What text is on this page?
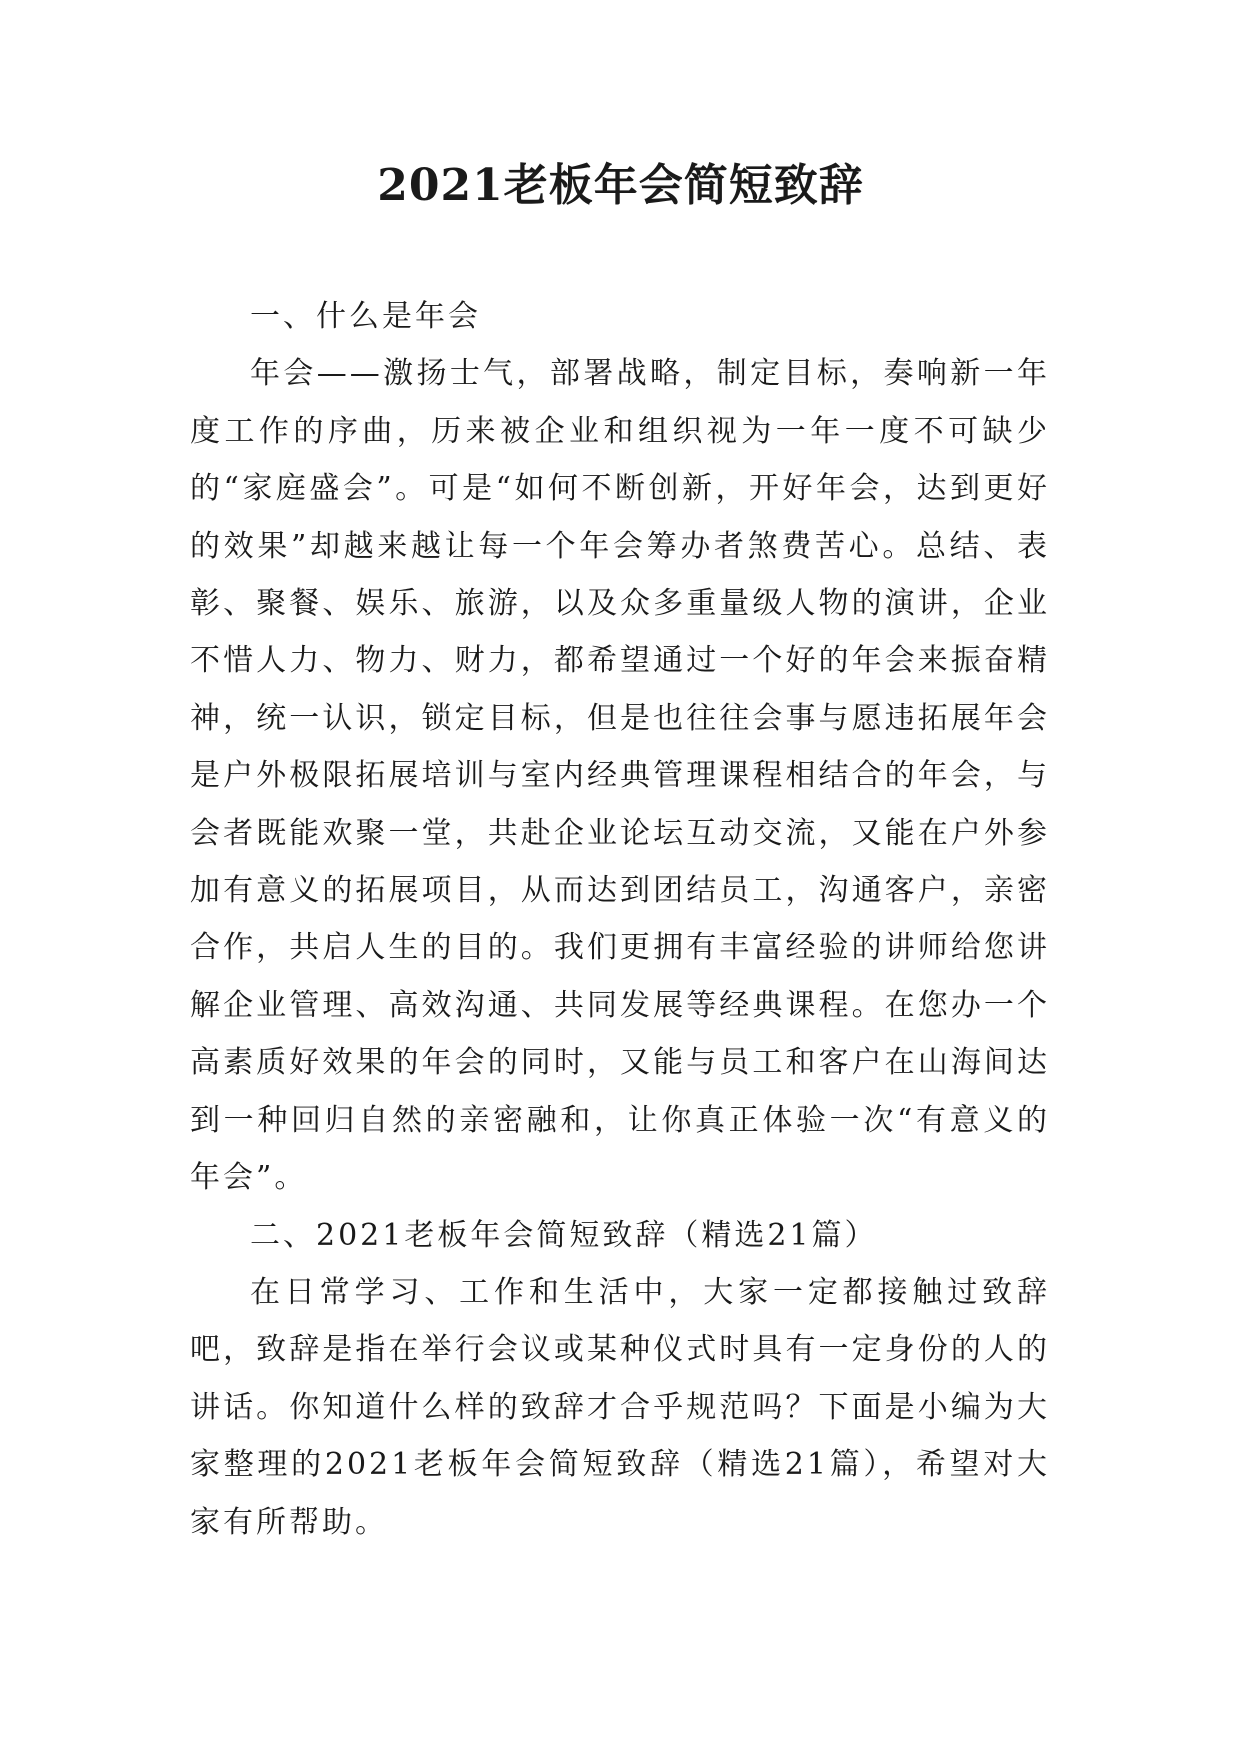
2021老板年会简短致辞

一、什么是年会

年会——激扬士气，部署战略，制定目标，奏响新一年度工作的序曲，历来被企业和组织视为一年一度不可缺少的“家庭盛会”。可是“如何不断创新，开好年会，达到更好的效果”却越来越让每一个年会筹办者煞费苦心。总结、表彰、聚餐、娱乐、旅游，以及众多重量级人物的演讲，企业不惜人力、物力、财力，都希望通过一个好的年会来振奋精神，统一认识，锁定目标，但是也往往会事与愿违拓展年会是户外极限拓展培训与室内经典管理课程相结合的年会，与会者既能欢聚一堂，共赴企业论坛互动交流，又能在户外参加有意义的拓展项目，从而达到团结员工，沟通客户，亲密合作，共启人生的目的。我们更拥有丰富经验的讲师给您讲解企业管理、高效沟通、共同发展等经典课程。在您办一个高素质好效果的年会的同时，又能与员工和客户在山海间达到一种回归自然的亲密融和，让你真正体验一次“有意义的年会”。

二、2021老板年会简短致辞（精选21篇）

在日常学习、工作和生活中，大家一定都接触过致辞吧，致辞是指在举行会议或某种仪式时具有一定身份的人的讲话。你知道什么样的致辞才合乎规范吗？下面是小编为大家整理的2021老板年会简短致辞（精选21篇），希望对大家有所帮助。
